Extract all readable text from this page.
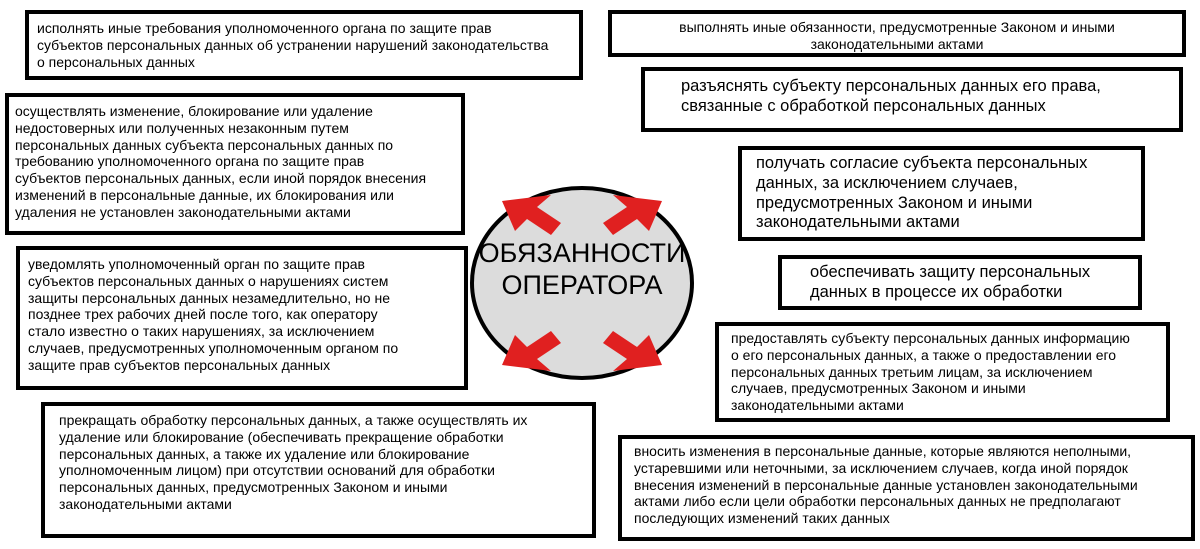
исполнять иные требования уполномоченного органа по защите прав
субъектов персональных данных об устранении нарушений законодательства
о персональных данных
осуществлять изменение, блокирование или удаление
недостоверных или полученных незаконным путем
персональных данных субъекта персональных данных по
требованию уполномоченного органа по защите прав
субъектов персональных данных, если иной порядок внесения
изменений в персональные данные, их блокирования или
удаления не установлен законодательными актами
уведомлять уполномоченный орган по защите прав
субъектов персональных данных о нарушениях систем
защиты персональных данных незамедлительно, но не
позднее трех рабочих дней после того, как оператору
стало известно о таких нарушениях, за исключением
случаев, предусмотренных уполномоченным органом по
защите прав субъектов персональных данных
прекращать обработку персональных данных, а также осуществлять их
удаление или блокирование (обеспечивать прекращение обработки
персональных данных, а также их удаление или блокирование
уполномоченным лицом) при отсутствии оснований для обработки
персональных данных, предусмотренных Законом и иными
законодательными актами
выполнять иные обязанности, предусмотренные Законом и иными
законодательными актами
разъяснять субъекту персональных данных его права,
связанные с обработкой персональных данных
получать согласие субъекта персональных
данных, за исключением случаев,
предусмотренных Законом и иными
законодательными актами
обеспечивать защиту персональных
данных в процессе их обработки
предоставлять субъекту персональных данных информацию
о его персональных данных, а также о предоставлении его
персональных данных третьим лицам, за исключением
случаев, предусмотренных Законом и иными
законодательными актами
вносить изменения в персональные данные, которые являются неполными,
устаревшими или неточными, за исключением случаев, когда иной порядок
внесения изменений в персональные данные установлен законодательными
актами либо если цели обработки персональных данных не предполагают
последующих изменений таких данных
ОБЯЗАННОСТИ
ОПЕРАТОРА
